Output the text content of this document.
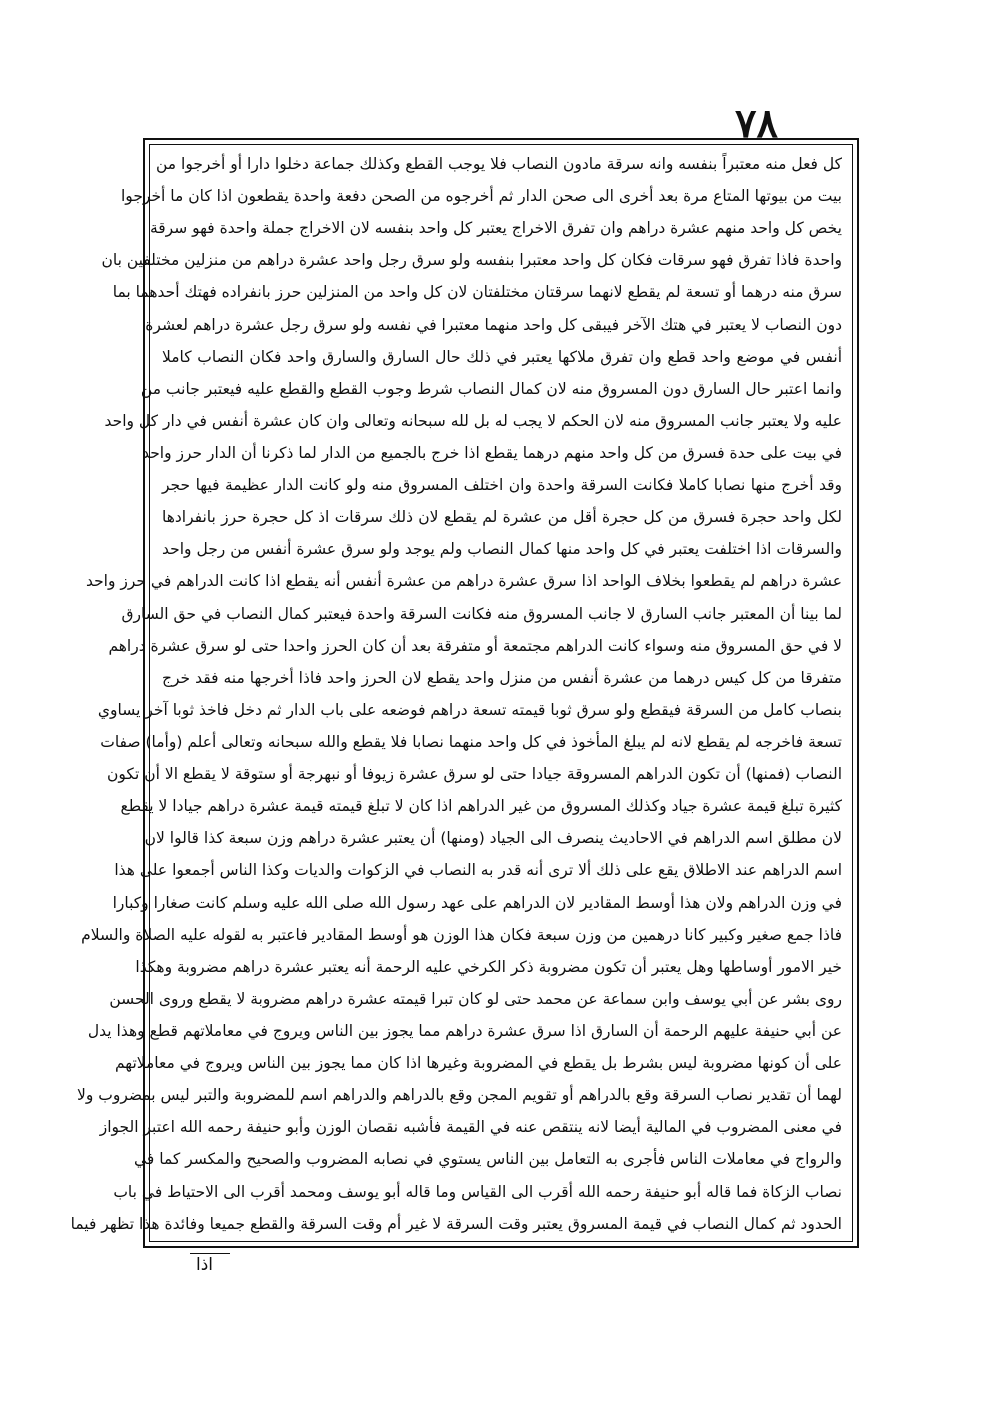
٧٨
كل فعل منه معتبراً بنفسه وانه سرقة مادون النصاب فلا يوجب القطع وكذلك جماعة دخلوا دارا أو أخرجوا من
بيت من بيوتها المتاع مرة بعد أخرى الى صحن الدار ثم أخرجوه من الصحن دفعة واحدة يقطعون اذا كان ما أخرجوا
يخص كل واحد منهم عشرة دراهم وان تفرق الاخراج يعتبر كل واحد بنفسه لان الاخراج جملة واحدة فهو سرقة
واحدة فاذا تفرق فهو سرقات فكان كل واحد معتبرا بنفسه ولو سرق رجل واحد عشرة دراهم من منزلين مختلفين بان
سرق منه درهما أو تسعة لم يقطع لانهما سرقتان مختلفتان لان كل واحد من المنزلين حرز بانفراده فهتك أحدهما بما
دون النصاب لا يعتبر في هتك الآخر فيبقى كل واحد منهما معتبرا في نفسه ولو سرق رجل عشرة دراهم لعشرة
أنفس في موضع واحد قطع وان تفرق ملاكها يعتبر في ذلك حال السارق والسارق واحد فكان النصاب كاملا
وانما اعتبر حال السارق دون المسروق منه لان كمال النصاب شرط وجوب القطع والقطع عليه فيعتبر جانب من
عليه ولا يعتبر جانب المسروق منه لان الحكم لا يجب له بل لله سبحانه وتعالى وان كان عشرة أنفس في دار كل واحد
في بيت على حدة فسرق من كل واحد منهم درهما يقطع اذا خرج بالجميع من الدار لما ذكرنا أن الدار حرز واحد
وقد أخرج منها نصابا كاملا فكانت السرقة واحدة وان اختلف المسروق منه ولو كانت الدار عظيمة فيها حجر
لكل واحد حجرة فسرق من كل حجرة أقل من عشرة لم يقطع لان ذلك سرقات اذ كل حجرة حرز بانفرادها
والسرقات اذا اختلفت يعتبر في كل واحد منها كمال النصاب ولم يوجد ولو سرق عشرة أنفس من رجل واحد
عشرة دراهم لم يقطعوا بخلاف الواحد اذا سرق عشرة دراهم من عشرة أنفس أنه يقطع اذا كانت الدراهم في حرز واحد
لما بينا أن المعتبر جانب السارق لا جانب المسروق منه فكانت السرقة واحدة فيعتبر كمال النصاب في حق السارق
لا في حق المسروق منه وسواء كانت الدراهم مجتمعة أو متفرقة بعد أن كان الحرز واحدا حتى لو سرق عشرة دراهم
متفرقا من كل كيس درهما من عشرة أنفس من منزل واحد يقطع لان الحرز واحد فاذا أخرجها منه فقد خرج
بنصاب كامل من السرقة فيقطع ولو سرق ثوبا قيمته تسعة دراهم فوضعه على باب الدار ثم دخل فاخذ ثوبا آخر يساوي
تسعة فاخرجه لم يقطع لانه لم يبلغ المأخوذ في كل واحد منهما نصابا فلا يقطع والله سبحانه وتعالى أعلم (وأما) صفات
النصاب (فمنها) أن تكون الدراهم المسروقة جيادا حتى لو سرق عشرة زيوفا أو نبهرجة أو ستوقة لا يقطع الا أن تكون
كثيرة تبلغ قيمة عشرة جياد وكذلك المسروق من غير الدراهم اذا كان لا تبلغ قيمته قيمة عشرة دراهم جيادا لا يقطع
لان مطلق اسم الدراهم في الاحاديث ينصرف الى الجياد (ومنها) أن يعتبر عشرة دراهم وزن سبعة كذا قالوا لان
اسم الدراهم عند الاطلاق يقع على ذلك ألا ترى أنه قدر به النصاب في الزكوات والديات وكذا الناس أجمعوا على هذا
في وزن الدراهم ولان هذا أوسط المقادير لان الدراهم على عهد رسول الله صلى الله عليه وسلم كانت صغارا وكبارا
فاذا جمع صغير وكبير كانا درهمين من وزن سبعة فكان هذا الوزن هو أوسط المقادير فاعتبر به لقوله عليه الصلاة والسلام
خير الامور أوساطها وهل يعتبر أن تكون مضروبة ذكر الكرخي عليه الرحمة أنه يعتبر عشرة دراهم مضروبة وهكذا
روى بشر عن أبي يوسف وابن سماعة عن محمد حتى لو كان تبرا قيمته عشرة دراهم مضروبة لا يقطع وروى الحسن
عن أبي حنيفة عليهم الرحمة أن السارق اذا سرق عشرة دراهم مما يجوز بين الناس ويروج في معاملاتهم قطع وهذا يدل
على أن كونها مضروبة ليس بشرط بل يقطع في المضروبة وغيرها اذا كان مما يجوز بين الناس ويروج في معاملاتهم
لهما أن تقدير نصاب السرقة وقع بالدراهم أو تقويم المجن وقع بالدراهم والدراهم اسم للمضروبة والتبر ليس بمضروب ولا
في معنى المضروب في المالية أيضا لانه ينتقص عنه في القيمة فأشبه نقصان الوزن وأبو حنيفة رحمه الله اعتبر الجواز
والرواج في معاملات الناس فأجرى به التعامل بين الناس يستوي في نصابه المضروب والصحيح والمكسر كما في
نصاب الزكاة فما قاله أبو حنيفة رحمه الله أقرب الى القياس وما قاله أبو يوسف ومحمد أقرب الى الاحتياط في باب
الحدود ثم كمال النصاب في قيمة المسروق يعتبر وقت السرقة لا غير أم وقت السرقة والقطع جميعا وفائدة هذا تظهر فيما
اذا
